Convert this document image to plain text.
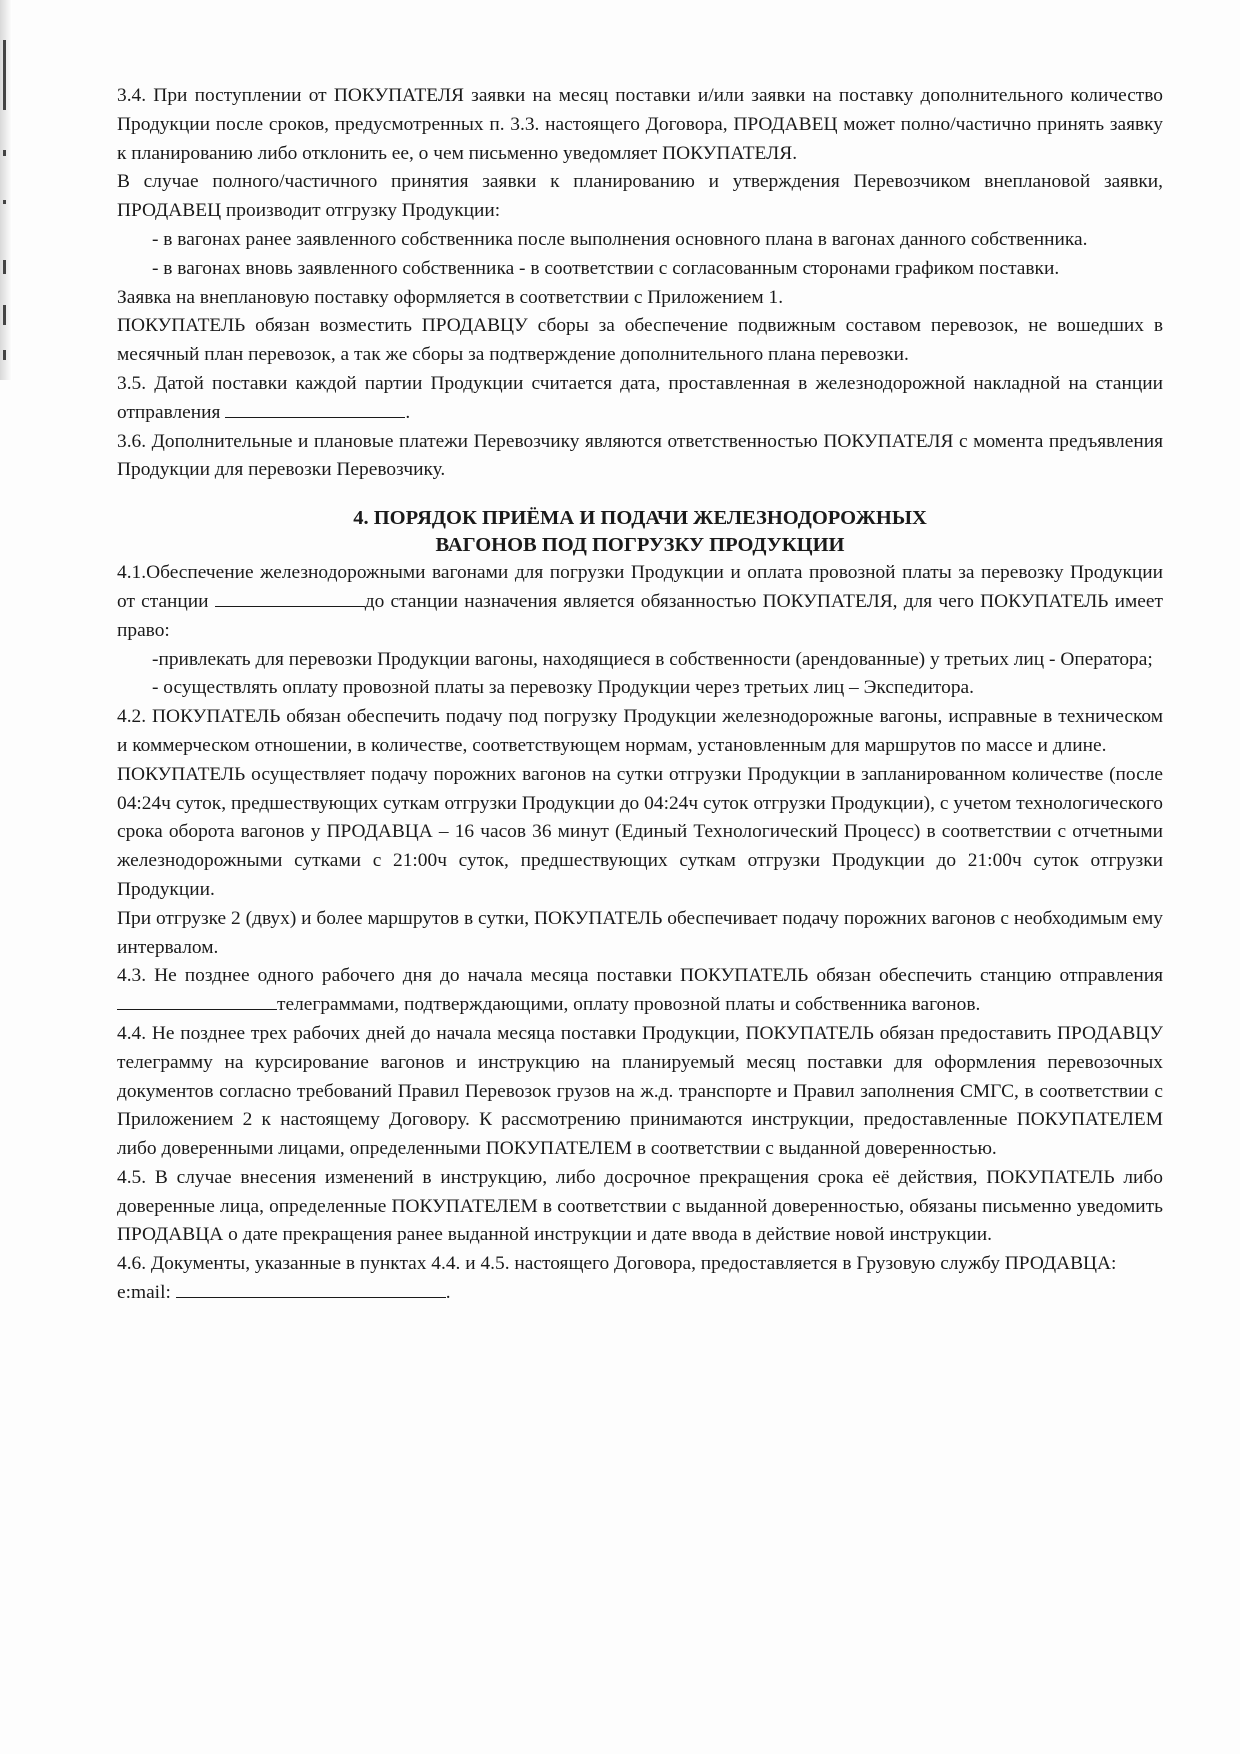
3.4. При поступлении от ПОКУПАТЕЛЯ заявки на месяц поставки и/или заявки на поставку дополнительного количество Продукции после сроков, предусмотренных п. 3.3. настоящего Договора, ПРОДАВЕЦ может полно/частично принять заявку к планированию либо отклонить ее, о чем письменно уведомляет ПОКУПАТЕЛЯ.

В случае полного/частичного принятия заявки к планированию и утверждения Перевозчиком внеплановой заявки, ПРОДАВЕЦ производит отгрузку Продукции:

- в вагонах ранее заявленного собственника после выполнения основного плана в вагонах данного собственника.

- в вагонах вновь заявленного собственника - в соответствии с согласованным сторонами графиком поставки.

Заявка на внеплановую поставку оформляется в соответствии с Приложением 1.

ПОКУПАТЕЛЬ обязан возместить ПРОДАВЦУ сборы за обеспечение подвижным составом перевозок, не вошедших в месячный план перевозок, а так же сборы за подтверждение дополнительного плана перевозки.

3.5. Датой поставки каждой партии Продукции считается дата, проставленная в железнодорожной накладной на станции отправления	.

3.6. Дополнительные и плановые платежи Перевозчику являются ответственностью ПОКУПАТЕЛЯ с момента предъявления Продукции для перевозки Перевозчику.

4. ПОРЯДОК ПРИЁМА И ПОДАЧИ ЖЕЛЕЗНОДОРОЖНЫХ
ВАГОНОВ ПОД ПОГРУЗКУ ПРОДУКЦИИ

4.1.Обеспечение железнодорожными вагонами для погрузки Продукции и оплата провозной платы за перевозку Продукции от станции	до станции назначения является обязанностью ПОКУПАТЕЛЯ, для чего ПОКУПАТЕЛЬ имеет право:

-привлекать для перевозки Продукции вагоны, находящиеся в собственности (арендованные) у третьих лиц - Оператора;

- осуществлять оплату провозной платы за перевозку Продукции через третьих лиц – Экспедитора.

4.2. ПОКУПАТЕЛЬ обязан обеспечить подачу под погрузку Продукции железнодорожные вагоны, исправные в техническом и коммерческом отношении, в количестве, соответствующем нормам, установленным для маршрутов по массе и длине.

ПОКУПАТЕЛЬ осуществляет подачу порожних вагонов на сутки отгрузки Продукции в запланированном количестве (после 04:24ч суток, предшествующих суткам отгрузки Продукции до 04:24ч суток отгрузки Продукции), с учетом технологического срока оборота вагонов у ПРОДАВЦА – 16 часов 36 минут (Единый Технологический Процесс) в соответствии с отчетными железнодорожными сутками с 21:00ч суток, предшествующих суткам отгрузки Продукции до 21:00ч суток отгрузки Продукции.

При отгрузке 2 (двух) и более маршрутов в сутки, ПОКУПАТЕЛЬ обеспечивает подачу порожних вагонов с необходимым ему интервалом.

4.3. Не позднее одного рабочего дня до начала месяца поставки ПОКУПАТЕЛЬ обязан обеспечить станцию отправления телеграммами, подтверждающими, оплату провозной платы и собственника вагонов.

4.4. Не позднее трех рабочих дней до начала месяца поставки Продукции, ПОКУПАТЕЛЬ обязан предоставить ПРОДАВЦУ телеграмму на курсирование вагонов и инструкцию на планируемый месяц поставки для оформления перевозочных документов согласно требований Правил Перевозок грузов на ж.д. транспорте и Правил заполнения СМГС, в соответствии с Приложением 2 к настоящему Договору. К рассмотрению принимаются инструкции, предоставленные ПОКУПАТЕЛЕМ либо доверенными лицами, определенными ПОКУПАТЕЛЕМ в соответствии с выданной доверенностью.

4.5. В случае внесения изменений в инструкцию, либо досрочное прекращения срока её действия, ПОКУПАТЕЛЬ либо доверенные лица, определенные ПОКУПАТЕЛЕМ в соответствии с выданной доверенностью, обязаны письменно уведомить ПРОДАВЦА о дате прекращения ранее выданной инструкции и дате ввода в действие новой инструкции.

4.6. Документы, указанные в пунктах 4.4. и 4.5. настоящего Договора, предоставляется в Грузовую службу ПРОДАВЦА: e:mail:	.
